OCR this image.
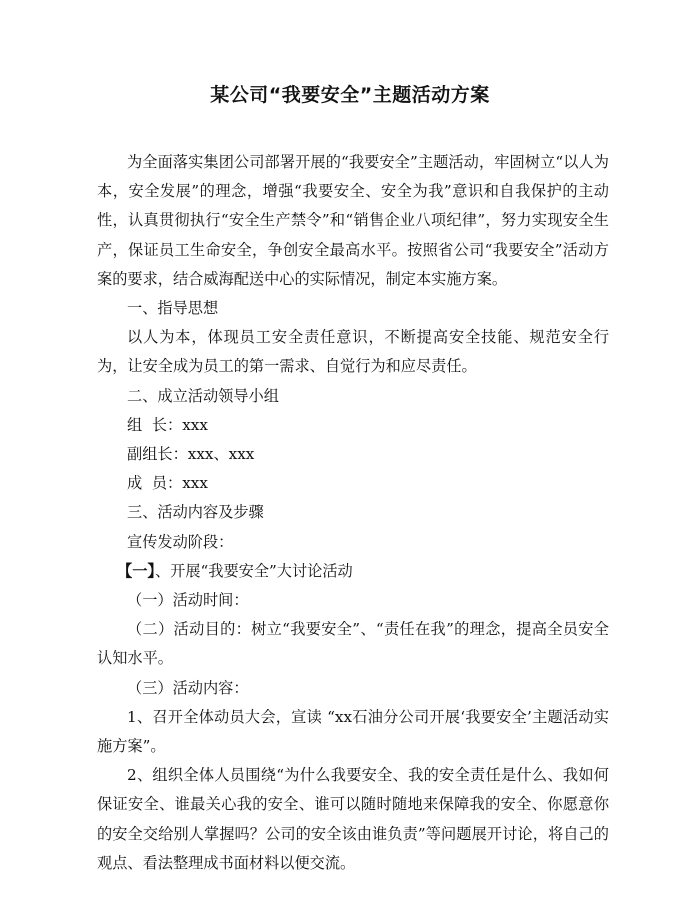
某公司“我要安全”主题活动方案

为全面落实集团公司部署开展的“我要安全”主题活动，牢固树立“以人为本，安全发展”的理念，增强“我要安全、安全为我”意识和自我保护的主动性，认真贯彻执行“安全生产禁令”和“销售企业八项纪律”，努力实现安全生产，保证员工生命安全，争创安全最高水平。按照省公司“我要安全”活动方案的要求，结合威海配送中心的实际情况，制定本实施方案。

一、指导思想

以人为本，体现员工安全责任意识，不断提高安全技能、规范安全行为，让安全成为员工的第一需求、自觉行为和应尽责任。

二、成立活动领导小组

组  长：xxx

副组长：xxx、xxx

成  员：xxx

三、活动内容及步骤

宣传发动阶段：

【一】、开展“我要安全”大讨论活动

（一）活动时间：

（二）活动目的：树立“我要安全”、“责任在我”的理念，提高全员安全认知水平。

（三）活动内容：

1、召开全体动员大会，宣读 “xx石油分公司开展‘我要安全’主题活动实施方案”。

2、组织全体人员围绕“为什么我要安全、我的安全责任是什么、我如何保证安全、谁最关心我的安全、谁可以随时随地来保障我的安全、你愿意你的安全交给别人掌握吗？公司的安全该由谁负责”等问题展开讨论，将自己的观点、看法整理成书面材料以便交流。
